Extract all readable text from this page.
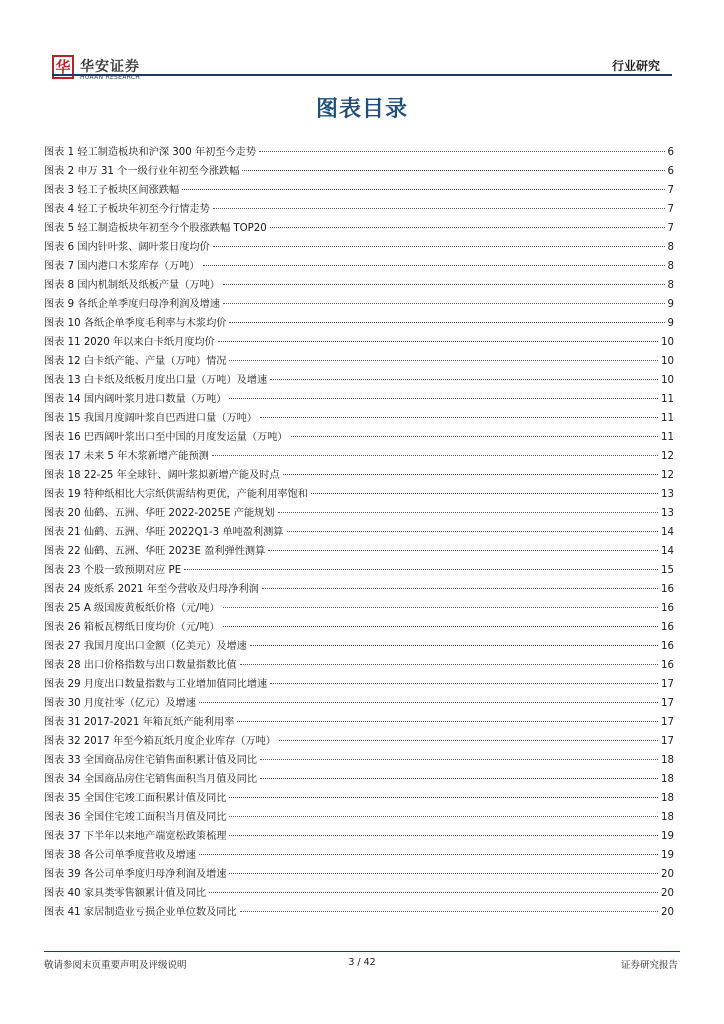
华 华安证券
HUAAN RESEARCH
行业研究
图表目录
图表 1 轻工制造板块和沪深 300 年初至今走势	6
图表 2 申万 31 个一级行业年初至今涨跌幅	6
图表 3 轻工子板块区间涨跌幅	7
图表 4 轻工子板块年初至今行情走势	7
图表 5 轻工制造板块年初至今个股涨跌幅 TOP20	7
图表 6 国内针叶浆、阔叶浆日度均价	8
图表 7 国内港口木浆库存（万吨）	8
图表 8 国内机制纸及纸板产量（万吨）	8
图表 9 各纸企单季度归母净利润及增速	9
图表 10 各纸企单季度毛利率与木浆均价	9
图表 11 2020 年以来白卡纸月度均价	10
图表 12 白卡纸产能、产量（万吨）情况	10
图表 13 白卡纸及纸板月度出口量（万吨）及增速	10
图表 14 国内阔叶浆月进口数量（万吨）	11
图表 15 我国月度阔叶浆自巴西进口量（万吨）	11
图表 16 巴西阔叶浆出口至中国的月度发运量（万吨）	11
图表 17 未来 5 年木浆新增产能预测	12
图表 18 22-25 年全球针、阔叶浆拟新增产能及时点	12
图表 19 特种纸相比大宗纸供需结构更优，产能利用率饱和	13
图表 20 仙鹤、五洲、华旺 2022-2025E 产能规划	13
图表 21 仙鹤、五洲、华旺 2022Q1-3 单吨盈利测算	14
图表 22 仙鹤、五洲、华旺 2023E 盈利弹性测算	14
图表 23 个股一致预期对应 PE	15
图表 24 废纸系 2021 年至今营收及归母净利润	16
图表 25 A 级国废黄板纸价格（元/吨）	16
图表 26 箱板瓦楞纸日度均价（元/吨）	16
图表 27 我国月度出口金额（亿美元）及增速	16
图表 28 出口价格指数与出口数量指数比值	16
图表 29 月度出口数量指数与工业增加值同比增速	17
图表 30 月度社零（亿元）及增速	17
图表 31 2017-2021 年箱瓦纸产能利用率	17
图表 32 2017 年至今箱瓦纸月度企业库存（万吨）	17
图表 33 全国商品房住宅销售面积累计值及同比	18
图表 34 全国商品房住宅销售面积当月值及同比	18
图表 35 全国住宅竣工面积累计值及同比	18
图表 36 全国住宅竣工面积当月值及同比	18
图表 37 下半年以来地产端宽松政策梳理	19
图表 38 各公司单季度营收及增速	19
图表 39 各公司单季度归母净利润及增速	20
图表 40 家具类零售额累计值及同比	20
图表 41 家居制造业亏损企业单位数及同比	20
敬请参阅末页重要声明及评级说明	3 / 42	证券研究报告
